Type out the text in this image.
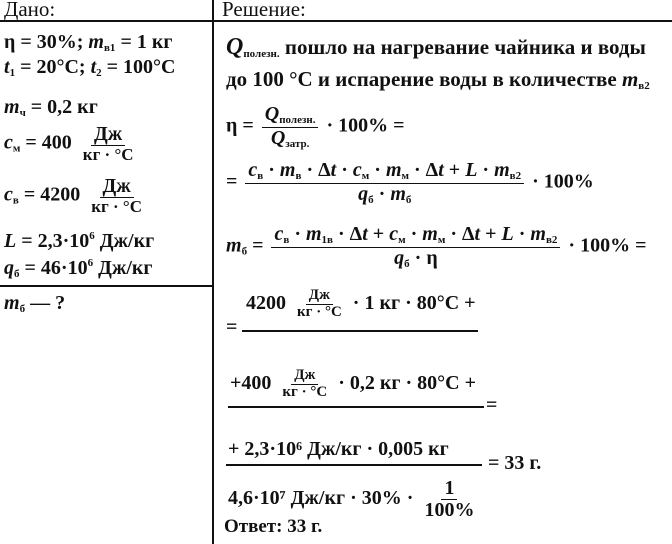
Дано:	Решение:
η = 30%; $m_{в1} = 1$ кг
$t_1 = 20^\circ C$; $t_2 = 100^\circ C$
$m_ч = 0,2$ кг
$c_м = 400 \frac{Дж}{кг \cdot ^\circ С}$
$c_в = 4200 \frac{Дж}{кг \cdot ^\circ С}$
$L = 2,3\cdot 10^6$ Дж/кг
$q_б = 46\cdot 10^6$ Дж/кг
$m_б$ — ?
$Q_{полезн.}$ пошло на нагревание чайника и воды
до 100 °С и испарение воды в количестве $m_{в2}$
$\eta = \frac{Q_{полезн.}}{Q_{затр.}} \cdot 100\%$ =
= $\frac{c_в \cdot m_в \cdot \Delta t \cdot c_м \cdot m_м \cdot \Delta t + L \cdot m_{в2}}{q_б \cdot m_б} \cdot 100\%$
$m_б = \frac{c_в \cdot m_{1в} \cdot \Delta t + c_м \cdot m_м \cdot \Delta t + L \cdot m_{в2}}{q_б \cdot \eta} \cdot 100\%$ =
$4200 \frac{Дж}{кг \cdot ^\circ С} \cdot 1$ кг · 80°С +
=
$+400 \frac{Дж}{кг \cdot ^\circ С} \cdot 0,2$ кг · 80°С +
=
+ 2,3·10⁶ Дж/кг · 0,005 кг
= 33 г.
4,6·10⁷ $Дж/кг \cdot 30\% \cdot \frac{1}{100\%}$
Ответ: 33 г.
